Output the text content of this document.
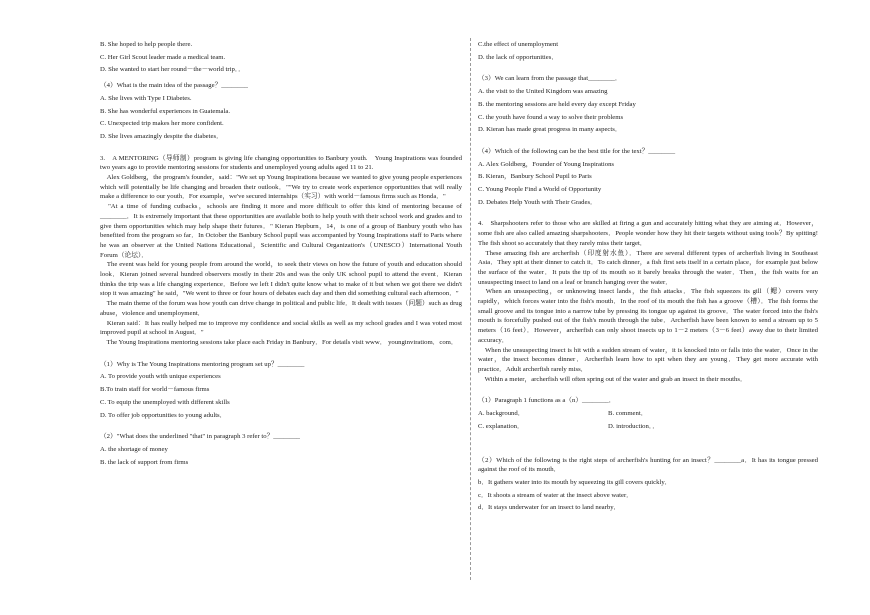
B. She hoped to help people there.
C. Her Girl Scout leader made a medical team.
D. She wanted to start her round－the－world trip．．
（4）What is the main idea of the passage？________
A. She lives with Type I Diabetes.
B. She has wonderful experiences in Guatemala.
C. Unexpected trip makes her more confident.
D. She lives amazingly despite the diabetes．
3.　A MENTORING（导师制）program is giving life changing opportunities to Banbury youth.　Young Inspirations was founded two years ago to provide mentoring sessions for students and unemployed young adults aged 11 to 21.
　Alex Goldberg，the program's founder，said："We set up Young Inspirations because we wanted to give young people experiences which will potentially be life changing and broaden their outlook．""We try to create work experience opportunities that will really make a difference to our youth．For example，we've secured internships（实习）with world－famous firms such as Honda．"
　"At a time of funding cutbacks，schools are finding it more and more difficult to offer this kind of mentoring because of ________．It is extremely important that these opportunities are available both to help youth with their school work and grades and to give them opportunities which may help shape their futures．" Kieran Hepburn，14，is one of a group of Banbury youth who has benefited from the program so far．In October the Banbury School pupil was accompanied by Young Inspirations staff to Paris where he was an observer at the United Nations Educational，Scientific and Cultural Organization's（UNESCO）International Youth Forum（论坛）．
　The event was held for young people from around the world，to seek their views on how the future of youth and education should look．Kieran joined several hundred observers mostly in their 20s and was the only UK school pupil to attend the event．Kieran thinks the trip was a life changing experience．Before we left I didn't quite know what to make of it but when we got there we didn't stop it was amazing" he said，"We went to three or four hours of debates each day and then did something cultural each afternoon．"
　The main theme of the forum was how youth can drive change in political and public life．It dealt with issues（问题）such as drug abuse，violence and unemployment．
　Kieran said：It has really helped me to improve my confidence and social skills as well as my school grades and I was voted most improved pupil at school in August．"
　The Young Inspirations mentoring sessions take place each Friday in Banbury．For details visit www． younginviratiom．com．
（1）Why is The Young Inspirations mentoring program set up？________
A. To provide youth with unique experiences
B.To train staff for world－famous firms
C. To equip the unemployed with different skills
D. To offer job opportunities to young adults．
（2）"What does the underlined "that" in paragraph 3 refer to？________
A. the shortage of money
B. the lack of support from firms
C.the effect of unemployment
D. the lack of opportunities．
（3）We can learn from the passage that________．
A. the visit to the United Kingdom was amazing
B. the mentoring sessions are held every day except Friday
C. the youth have found a way to solve their problems
D. Kieran has made great progress in many aspects．
（4）Which of the following can be the best title for the text？________
A. Alex Goldberg，Founder of Young Inspirations
B. Kieran，Banbury School Pupil to Paris
C. Young People Find a World of Opportunity
D. Debates Help Youth with Their Grades．
4.　Sharpshooters refer to those who are skilled at firing a gun and accurately hitting what they are aiming at．However，some fish are also called amazing sharpshooters．People wonder how they hit their targets without using tools？By spitting! The fish shoot so accurately that they rarely miss their target．
　These amazing fish are archerfish（印度射水鱼）．There are several different types of archerfish living in Southeast Asia．They spit at their dinner to catch it．To catch dinner，a fish first sets itself in a certain place，for example just below the surface of the water．It puts the tip of its mouth so it barely breaks through the water．Then，the fish waits for an unsuspecting insect to land on a leaf or branch hanging over the water．
　When an unsuspecting，or unknowing insect lands，the fish attacks．The fish squeezes its gill（鳃）covers very rapidly，which forces water into the fish's mouth．In the roof of its mouth the fish has a groove（槽）．The fish forms the small groove and its tongue into a narrow tube by pressing its tongue up against its groove．The water forced into the fish's mouth is forcefully pushed out of the fish's mouth through the tube．Archerfish have been known to send a stream up to 5 meters（16 feet）．However，archerfish can only shoot insects up to 1－2 meters（3－6 feet）away due to their limited accuracy．
　When the unsuspecting insect is hit with a sudden stream of water，it is knocked into or falls into the water．Once in the water，the insect becomes dinner．Archerfish learn how to spit when they are young．They get more accurate with practice．Adult archerfish rarely miss．
　Within a meter，archerfish will often spring out of the water and grab an insect in their mouths．
（1）Paragraph 1 functions as a（n）________．
A. background．	B. comment．
C. explanation．	D. introduction．．
（2）Which of the following is the right steps of archerfish's hunting for an insect？________a．It has its tongue pressed against the roof of its mouth．
b．It gathers water into its mouth by squeezing its gill covers quickly．
c．It shoots a stream of water at the insect above water．
d．It stays underwater for an insect to land nearby．
